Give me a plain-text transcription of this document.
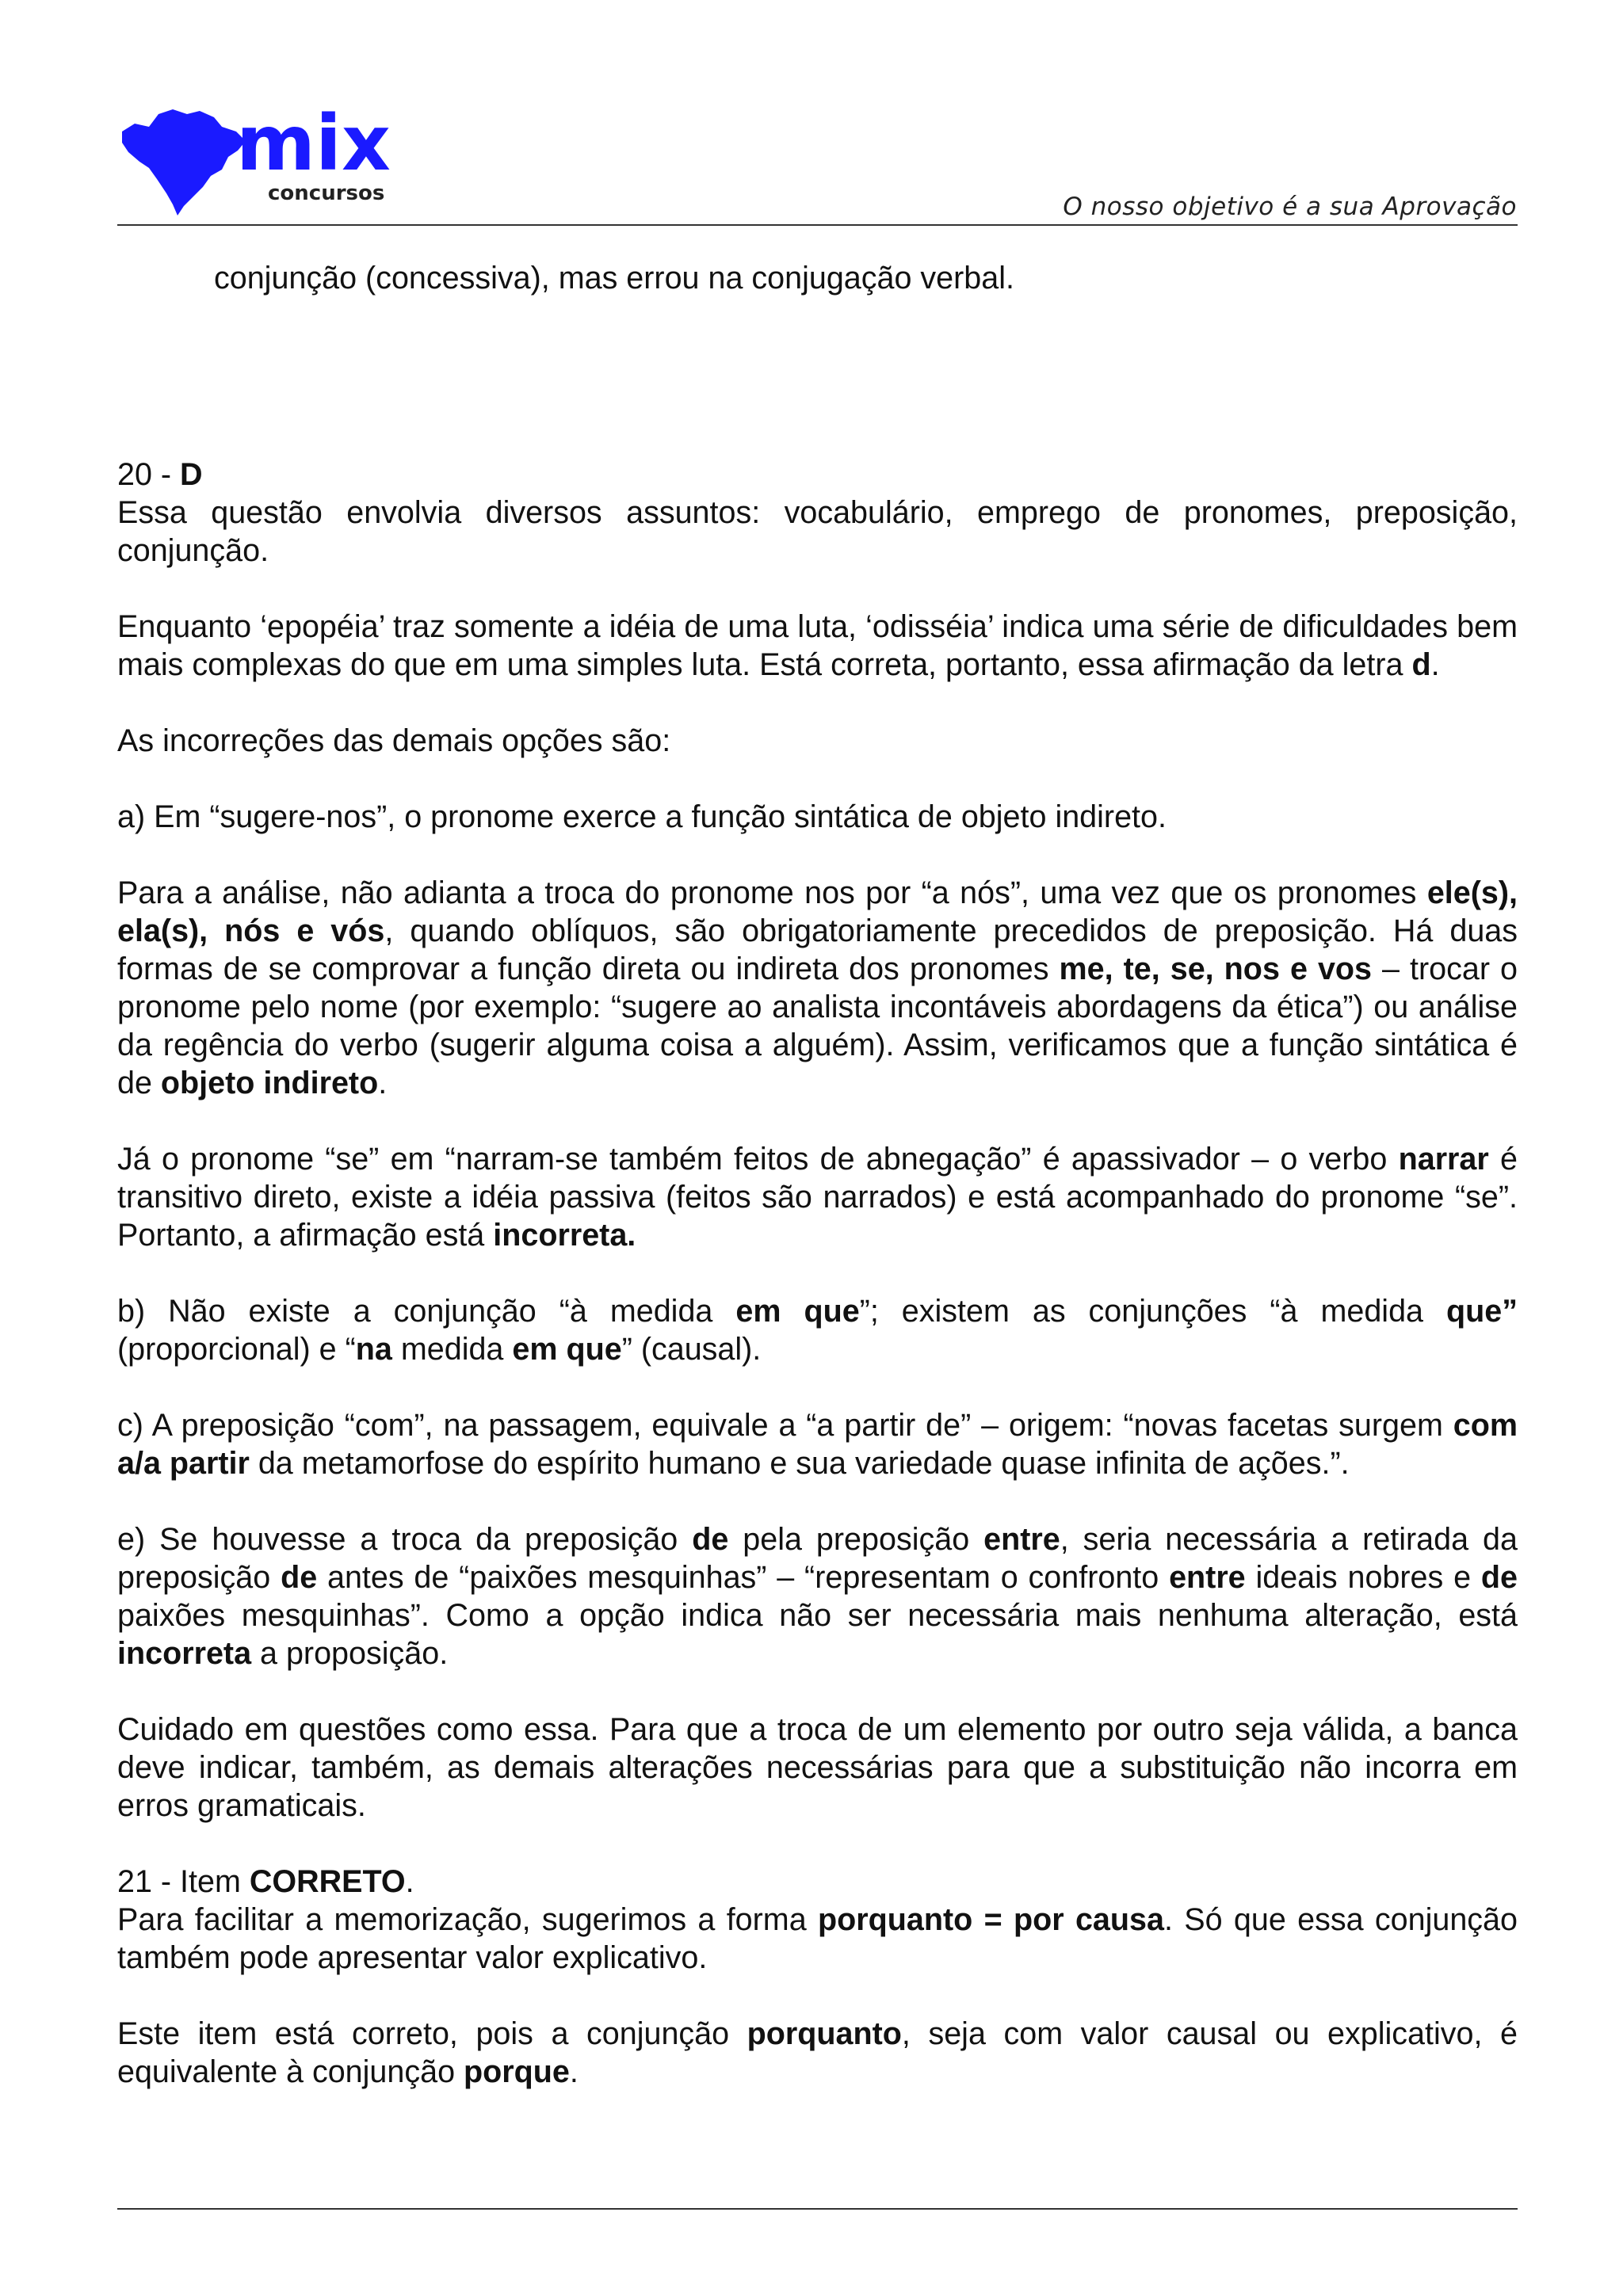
mix
concursos	O nosso objetivo é a sua Aprovação

conjunção (concessiva), mas errou na conjugação verbal.

20 - D

Essa questão envolvia diversos assuntos: vocabulário, emprego de pronomes, preposição, conjunção.

Enquanto ‘epopéia’ traz somente a idéia de uma luta, ‘odisséia’ indica uma série de dificuldades bem mais complexas do que em uma simples luta. Está correta, portanto, essa afirmação da letra d.

As incorreções das demais opções são:

a) Em “sugere-nos”, o pronome exerce a função sintática de objeto indireto.

Para a análise, não adianta a troca do pronome nos por “a nós”, uma vez que os pronomes ele(s), ela(s), nós e vós, quando oblíquos, são obrigatoriamente precedidos de preposição. Há duas formas de se comprovar a função direta ou indireta dos pronomes me, te, se, nos e vos – trocar o pronome pelo nome (por exemplo: “sugere ao analista incontáveis abordagens da ética”) ou análise da regência do verbo (sugerir alguma coisa a alguém). Assim, verificamos que a função sintática é de objeto indireto.

Já o pronome “se” em “narram-se também feitos de abnegação” é apassivador – o verbo narrar é transitivo direto, existe a idéia passiva (feitos são narrados) e está acompanhado do pronome “se”. Portanto, a afirmação está incorreta.

b) Não existe a conjunção “à medida em que”; existem as conjunções “à medida que” (proporcional) e “na medida em que” (causal).

c) A preposição “com”, na passagem, equivale a “a partir de” – origem: “novas facetas surgem com a/a partir da metamorfose do espírito humano e sua variedade quase infinita de ações.”.

e) Se houvesse a troca da preposição de pela preposição entre, seria necessária a retirada da preposição de antes de “paixões mesquinhas” – “representam o confronto entre ideais nobres e de paixões mesquinhas”. Como a opção indica não ser necessária mais nenhuma alteração, está incorreta a proposição.

Cuidado em questões como essa. Para que a troca de um elemento por outro seja válida, a banca deve indicar, também, as demais alterações necessárias para que a substituição não incorra em erros gramaticais.

21 - Item CORRETO.

Para facilitar a memorização, sugerimos a forma porquanto = por causa. Só que essa conjunção também pode apresentar valor explicativo.

Este item está correto, pois a conjunção porquanto, seja com valor causal ou explicativo, é equivalente à conjunção porque.
